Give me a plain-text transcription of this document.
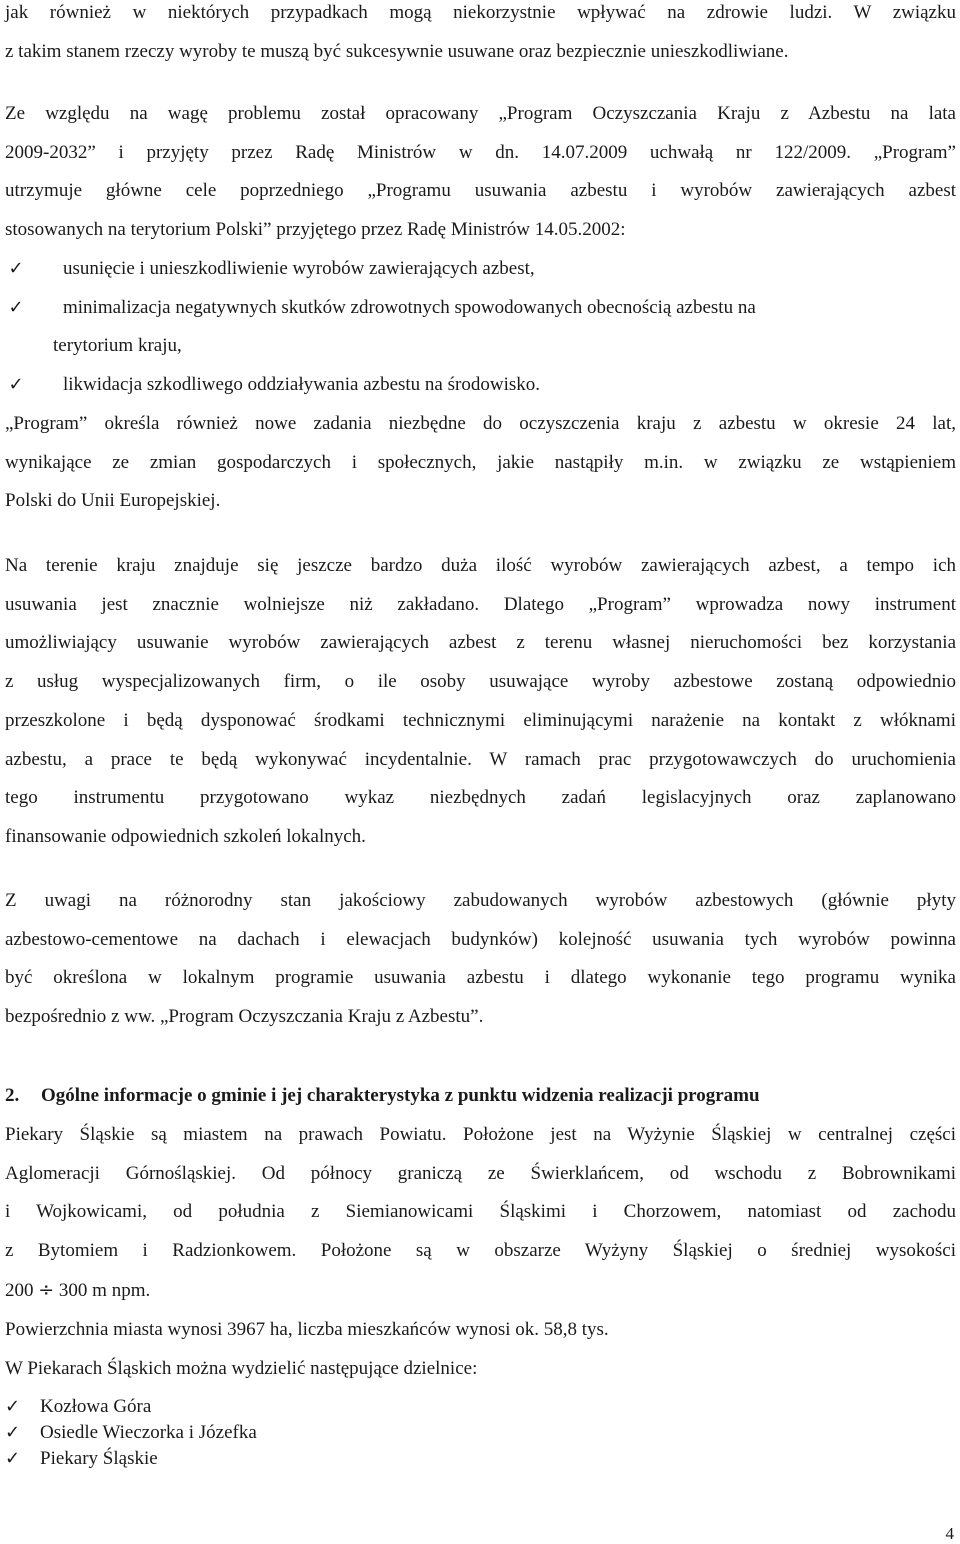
jak również w niektórych przypadkach mogą niekorzystnie wpływać na zdrowie ludzi. W związku
z takim stanem rzeczy wyroby te muszą być sukcesywnie usuwane oraz bezpiecznie unieszkodliwiane.
Ze względu na wagę problemu został opracowany „Program Oczyszczania Kraju z Azbestu na lata
2009-2032” i przyjęty przez Radę Ministrów w dn. 14.07.2009 uchwałą nr 122/2009. „Program”
utrzymuje główne cele poprzedniego „Programu usuwania azbestu i wyrobów zawierających azbest
stosowanych na terytorium Polski” przyjętego przez Radę Ministrów 14.05.2002:
✓ usunięcie i unieszkodliwienie wyrobów zawierających azbest,
✓ minimalizacja negatywnych skutków zdrowotnych spowodowanych obecnością azbestu na
terytorium kraju,
✓ likwidacja szkodliwego oddziaływania azbestu na środowisko.
„Program” określa również nowe zadania niezbędne do oczyszczenia kraju z azbestu w okresie 24 lat,
wynikające ze zmian gospodarczych i społecznych, jakie nastąpiły m.in. w związku ze wstąpieniem
Polski do Unii Europejskiej.
Na terenie kraju znajduje się jeszcze bardzo duża ilość wyrobów zawierających azbest, a tempo ich
usuwania jest znacznie wolniejsze niż zakładano. Dlatego „Program” wprowadza nowy instrument
umożliwiający usuwanie wyrobów zawierających azbest z terenu własnej nieruchomości bez korzystania
z usług wyspecjalizowanych firm, o ile osoby usuwające wyroby azbestowe zostaną odpowiednio
przeszkolone i będą dysponować środkami technicznymi eliminującymi narażenie na kontakt z włóknami
azbestu, a prace te będą wykonywać incydentalnie. W ramach prac przygotowawczych do uruchomienia
tego instrumentu przygotowano wykaz niezbędnych zadań legislacyjnych oraz zaplanowano
finansowanie odpowiednich szkoleń lokalnych.
Z uwagi na różnorodny stan jakościowy zabudowanych wyrobów azbestowych (głównie płyty
azbestowo-cementowe na dachach i elewacjach budynków) kolejność usuwania tych wyrobów powinna
być określona w lokalnym programie usuwania azbestu i dlatego wykonanie tego programu wynika
bezpośrednio z ww. „Program Oczyszczania Kraju z Azbestu”.
2. Ogólne informacje o gminie i jej charakterystyka z punktu widzenia realizacji programu
Piekary Śląskie są miastem na prawach Powiatu. Położone jest na Wyżynie Śląskiej w centralnej części
Aglomeracji Górnośląskiej. Od północy graniczą ze Świerklańcem, od wschodu z Bobrownikami
i Wojkowicami, od południa z Siemianowicami Śląskimi i Chorzowem, natomiast od zachodu
z Bytomiem i Radzionkowem. Położone są w obszarze Wyżyny Śląskiej o średniej wysokości
200 ÷ 300 m npm.
Powierzchnia miasta wynosi 3967 ha, liczba mieszkańców wynosi ok. 58,8 tys.
W Piekarach Śląskich można wydzielić następujące dzielnice:
✓ Kozłowa Góra
✓ Osiedle Wieczorka i Józefka
✓ Piekary Śląskie
4
